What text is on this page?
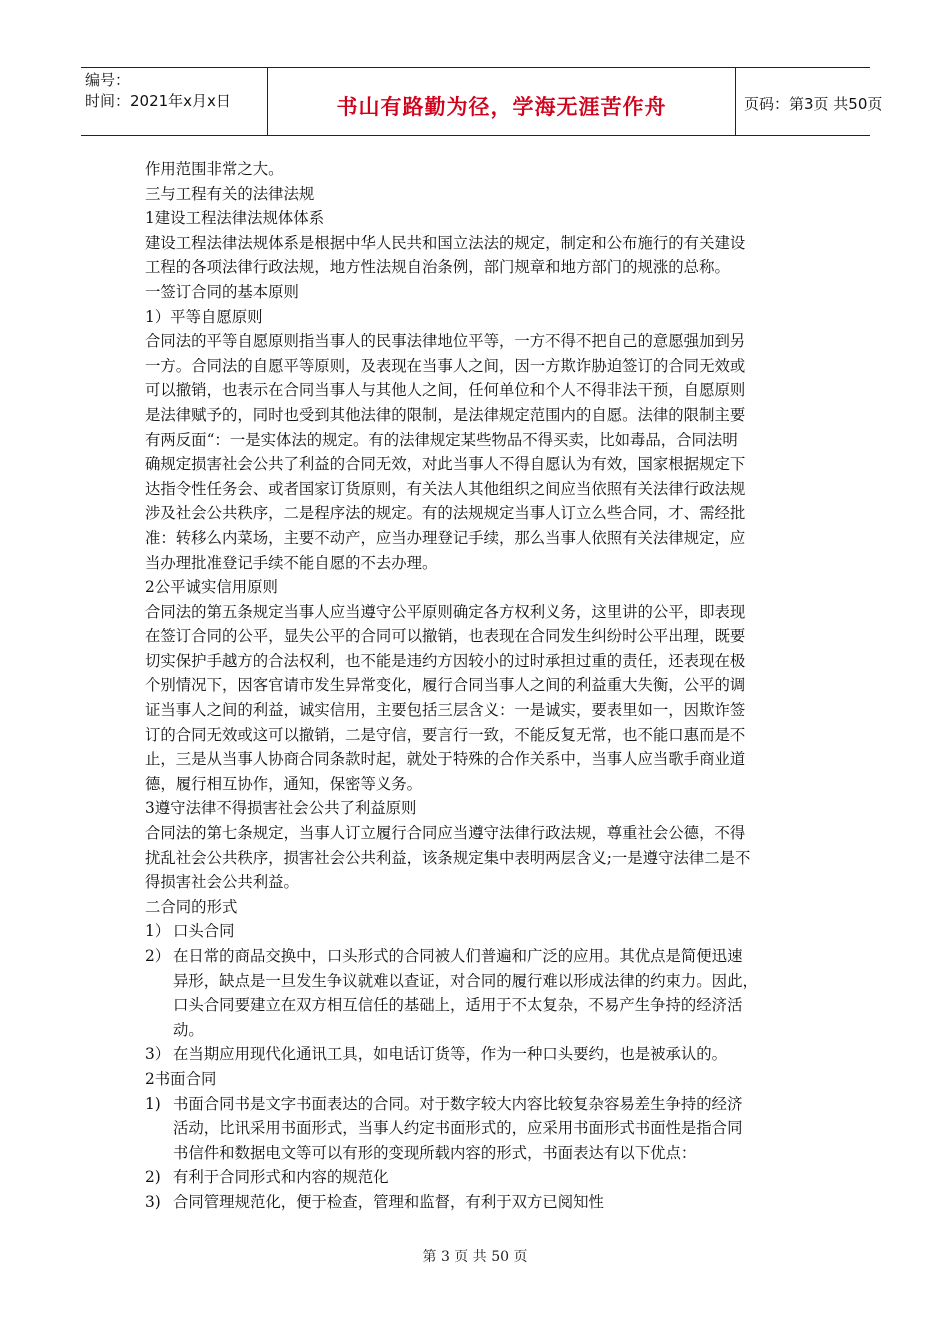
编号：
时间：2021年x月x日	书山有路勤为径，学海无涯苦作舟	页码：第3页 共50页

作用范围非常之大。

三与工程有关的法律法规

1建设工程法律法规体体系

建设工程法律法规体系是根据中华人民共和国立法法的规定，制定和公布施行的有关建设

工程的各项法律行政法规，地方性法规自治条例，部门规章和地方部门的规涨的总称。

一签订合同的基本原则

1）平等自愿原则

合同法的平等自愿原则指当事人的民事法律地位平等，一方不得不把自己的意愿强加到另

一方。合同法的自愿平等原则，及表现在当事人之间，因一方欺诈胁迫签订的合同无效或

可以撤销，也表示在合同当事人与其他人之间，任何单位和个人不得非法干预，自愿原则

是法律赋予的，同时也受到其他法律的限制，是法律规定范围内的自愿。法律的限制主要

有两反面“：一是实体法的规定。有的法律规定某些物品不得买卖，比如毒品，合同法明

确规定损害社会公共了利益的合同无效，对此当事人不得自愿认为有效，国家根据规定下

达指令性任务会、或者国家订货原则，有关法人其他组织之间应当依照有关法律行政法规

涉及社会公共秩序，二是程序法的规定。有的法规规定当事人订立么些合同，才、需经批

准：转移么内菜场，主要不动产，应当办理登记手续，那么当事人依照有关法律规定，应

当办理批准登记手续不能自愿的不去办理。

2公平诚实信用原则

合同法的第五条规定当事人应当遵守公平原则确定各方权利义务，这里讲的公平，即表现

在签订合同的公平，显失公平的合同可以撤销，也表现在合同发生纠纷时公平出理，既要

切实保护手越方的合法权利，也不能是违约方因较小的过时承担过重的责任，还表现在极

个别情况下，因客官请市发生异常变化，履行合同当事人之间的利益重大失衡，公平的调

证当事人之间的利益，诚实信用，主要包括三层含义：一是诚实，要表里如一，因欺诈签

订的合同无效或这可以撤销，二是守信，要言行一致，不能反复无常，也不能口惠而是不

止，三是从当事人协商合同条款时起，就处于特殊的合作关系中，当事人应当歌手商业道

德，履行相互协作，通知，保密等义务。

3遵守法律不得损害社会公共了利益原则

合同法的第七条规定，当事人订立履行合同应当遵守法律行政法规，尊重社会公德，不得

扰乱社会公共秩序，损害社会公共利益，该条规定集中表明两层含义;一是遵守法律二是不

得损害社会公共利益。

二合同的形式

1） 口头合同

2） 在日常的商品交换中，口头形式的合同被人们普遍和广泛的应用。其优点是简便迅速

异形，缺点是一旦发生争议就难以查证，对合同的履行难以形成法律的约束力。因此，

口头合同要建立在双方相互信任的基础上，适用于不太复杂，不易产生争持的经济活

动。

3） 在当期应用现代化通讯工具，如电话订货等，作为一种口头要约，也是被承认的。

2书面合同

1) 书面合同书是文字书面表达的合同。对于数字较大内容比较复杂容易差生争持的经济

活动，比讯采用书面形式，当事人约定书面形式的，应采用书面形式书面性是指合同

书信件和数据电文等可以有形的变现所载内容的形式，书面表达有以下优点：

2) 有利于合同形式和内容的规范化

3) 合同管理规范化，便于检查，管理和监督，有利于双方已阅知性

第 3 页 共 50 页
